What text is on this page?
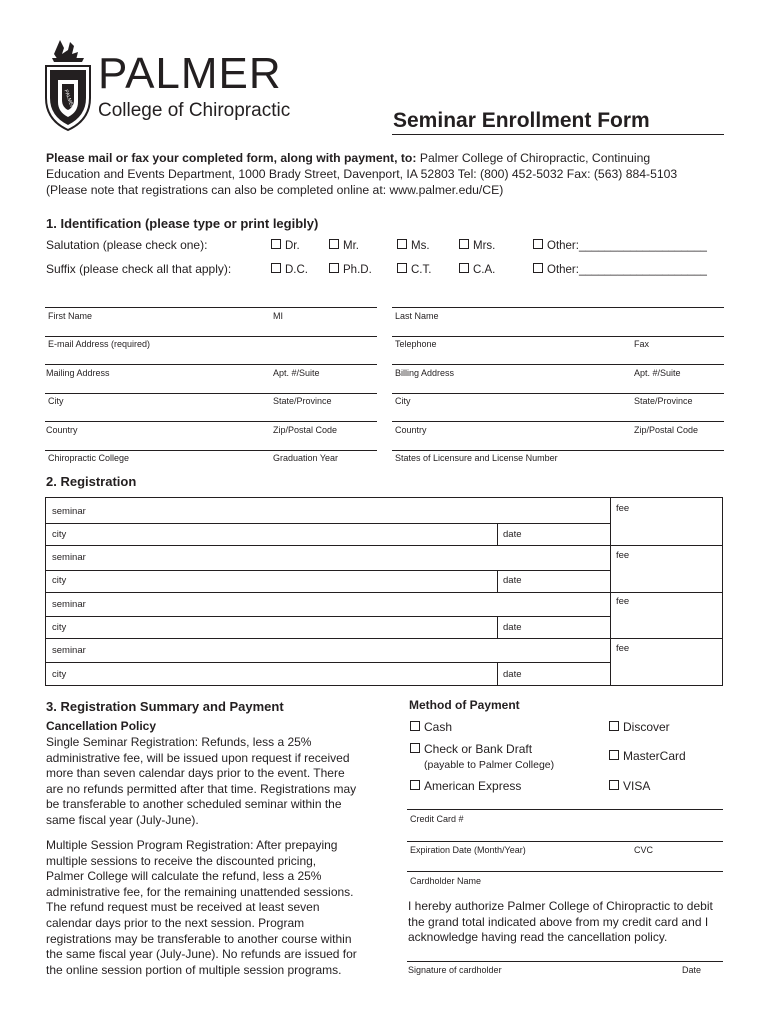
PALMER
PALMER
College of Chiropractic	Seminar Enrollment Form
Please mail or fax your completed form, along with payment, to: Palmer College of Chiropractic, Continuing
Education and Events Department, 1000 Brady Street, Davenport, IA 52803 Tel: (800) 452-5032 Fax: (563) 884-5103
(Please note that registrations can also be completed online at: www.palmer.edu/CE)
1. Identification (please type or print legibly)
Salutation (please check one):	Dr.	Mr.	Ms.	Mrs.	Other:____________________
Suffix (please check all that apply):	D.C.	Ph.D.	C.T.	C.A.	Other:____________________
First Name	MI	Last Name
E-mail Address (required)	Telephone	Fax
Mailing Address	Apt. #/Suite	Billing Address	Apt. #/Suite
City	State/Province	City	State/Province
Country	Zip/Postal Code	Country	Zip/Postal Code
Chiropractic College	Graduation Year	States of Licensure and License Number
2. Registration
seminar	fee
city	date
seminar	fee
city	date
seminar	fee
city	date
seminar	fee
city	date
3. Registration Summary and Payment
Cancellation Policy
Single Seminar Registration: Refunds, less a 25%
administrative fee, will be issued upon request if received
more than seven calendar days prior to the event. There
are no refunds permitted after that time. Registrations may
be transferable to another scheduled seminar within the
same fiscal year (July-June).
Multiple Session Program Registration: After prepaying
multiple sessions to receive the discounted pricing,
Palmer College will calculate the refund, less a 25%
administrative fee, for the remaining unattended sessions.
The refund request must be received at least seven
calendar days prior to the next session. Program
registrations may be transferable to another course within
the same fiscal year (July-June). No refunds are issued for
the online session portion of multiple session programs.
Method of Payment
Cash
Check or Bank Draft
(payable to Palmer College)
American Express
Discover
MasterCard
VISA
Credit Card #
Expiration Date (Month/Year)	CVC
Cardholder Name
I hereby authorize Palmer College of Chiropractic to debit
the grand total indicated above from my credit card and I
acknowledge having read the cancellation policy.
Signature of cardholder	Date
